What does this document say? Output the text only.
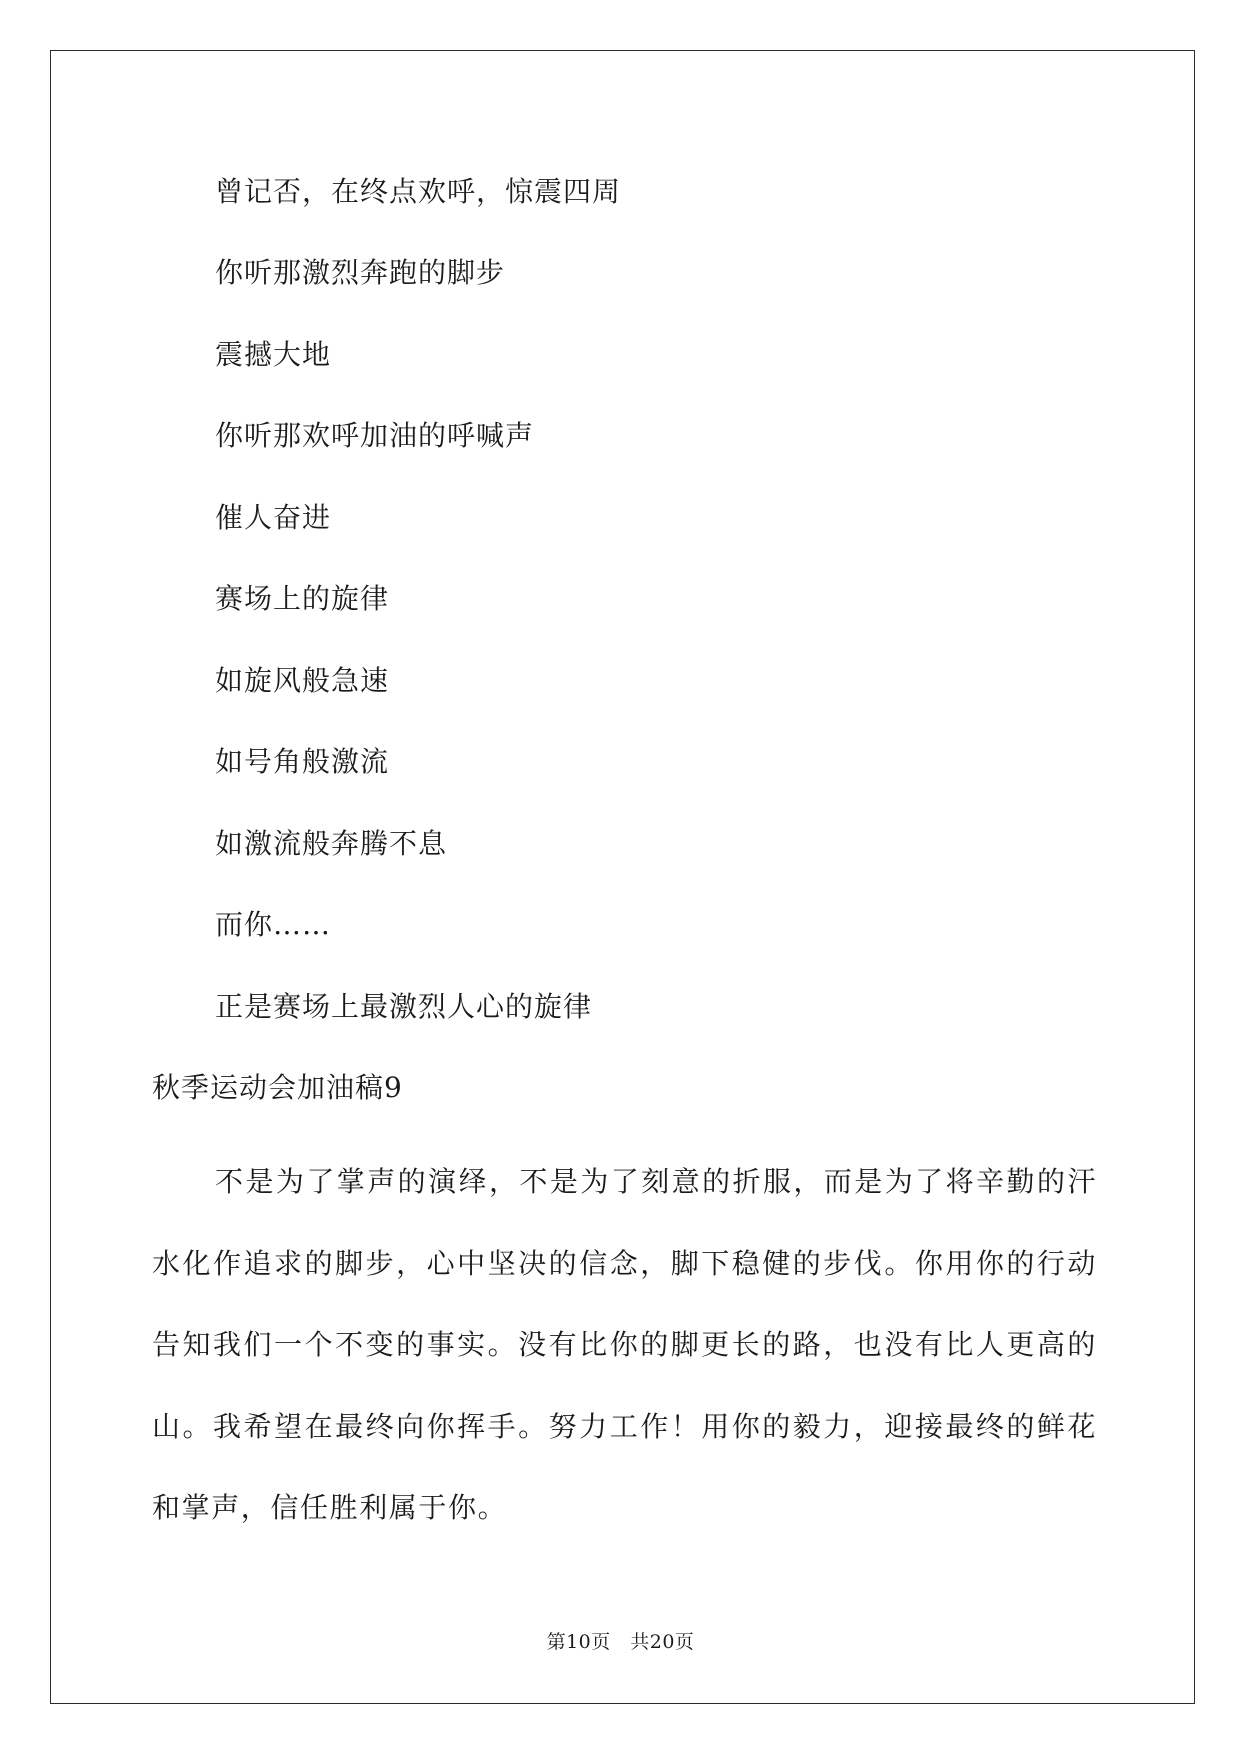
曾记否，在终点欢呼，惊震四周

你听那激烈奔跑的脚步

震撼大地

你听那欢呼加油的呼喊声

催人奋进

赛场上的旋律

如旋风般急速

如号角般激流

如激流般奔腾不息

而你……

正是赛场上最激烈人心的旋律

秋季运动会加油稿9

不是为了掌声的演绎，不是为了刻意的折服，而是为了将辛勤的汗水化作追求的脚步，心中坚决的信念，脚下稳健的步伐。你用你的行动告知我们一个不变的事实。没有比你的脚更长的路，也没有比人更高的山。我希望在最终向你挥手。努力工作！用你的毅力，迎接最终的鲜花和掌声，信任胜利属于你。

第10页　共20页
